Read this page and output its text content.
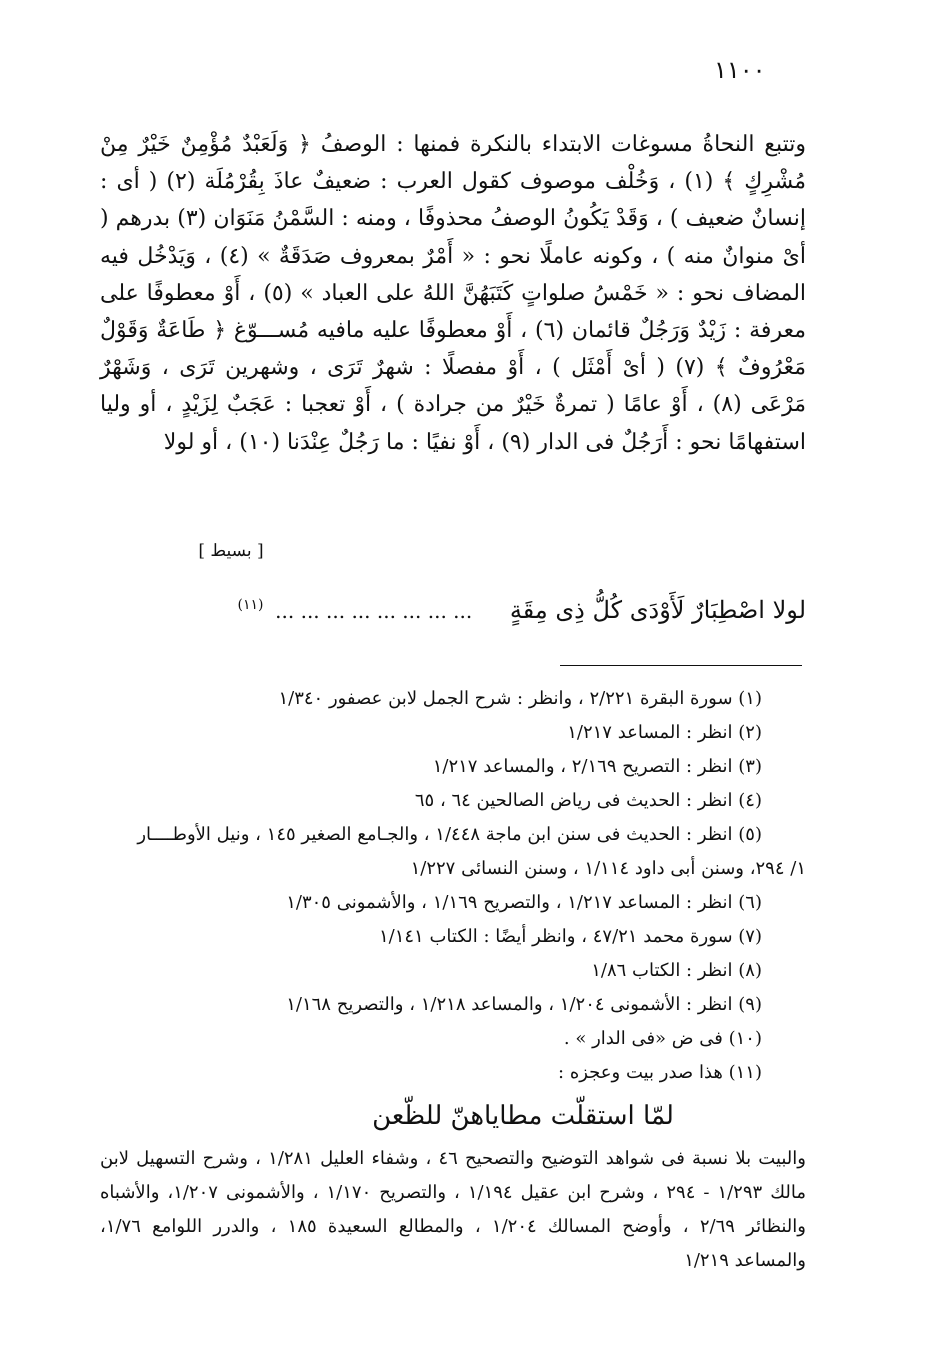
١١٠٠

وتتبع النحاةُ مسوغات الابتداء بالنكرة فمنها : الوصفُ ﴿ وَلَعَبْدٌ مُؤْمِنٌ خَيْرٌ مِنْ مُشْرِكٍ ﴾ (١) ، وَخُلْف موصوف كقول العرب : ضعيفٌ عاذَ بِقُرْمُلَة (٢) ( أى : إنسانٌ ضعيف ) ، وَقَدْ يَكُونُ الوصفُ محذوفًا ، ومنه : السَّمْنُ مَنَوَان (٣) بدرهم ( أىْ منوانٌ منه ) ، وكونه عاملًا نحو : « أَمْرٌ بمعروف صَدَقَةٌ » (٤) ، وَيَدْخُل فيه المضاف نحو : « خَمْسُ صلواتٍ كَتَبَهُنَّ اللهُ على العباد » (٥) ، أَوْ معطوفًا على معرفة : زَيْدٌ وَرَجُلٌ قائمان (٦) ، أَوْ معطوفًا عليه مافيه مُســـوّغ ﴿ طَاعَةٌ وَقَوْلٌ مَعْرُوفٌ ﴾ (٧) ( أىْ أَمْثَل ) ، أَوْ مفصلًا : شهرٌ تَرَى ، وشهرين تَرَى ، وَشَهْرٌ مَرْعَى (٨) ، أَوْ عامًا ( تمرةٌ خَيْرٌ من جرادة ) ، أَوْ تعجبا : عَجَبٌ لِزَيْدٍ ، أو وليا استفهامًا نحو : أَرَجُلٌ فى الدار (٩) ، أَوْ نفيًا : ما رَجُلٌ عِنْدَنا (١٠) ، أو لولا

[ بسيط ]
لولا اصْطِبَارٌ لَأَوْدَى كُلُّ ذِى مِقَةٍ ... ... ... ... ... ... ... ... $^{(١١)}$

(١) سورة البقرة ٢/٢٢١ ، وانظر : شرح الجمل لابن عصفور ١/٣٤٠

(٢) انظر : المساعد ١/٢١٧

(٣) انظر : التصريح ٢/١٦٩ ، والمساعد ١/٢١٧

(٤) انظر : الحديث فى رياض الصالحين ٦٤ ، ٦٥

(٥) انظر : الحديث فى سنن ابن ماجة ١/٤٤٨ ، والجـامع الصغير ١٤٥ ، ونيل الأوطــــار

١/ ٢٩٤، وسنن أبى داود ١/١١٤ ، وسنن النسائى ١/٢٢٧

(٦) انظر : المساعد ١/٢١٧ ، والتصريح ١/١٦٩ ، والأشمونى ١/٣٠٥

(٧) سورة محمد ٤٧/٢١ ، وانظر أيضًا : الكتاب ١/١٤١

(٨) انظر : الكتاب ١/٨٦

(٩) انظر : الأشمونى ١/٢٠٤ ، والمساعد ١/٢١٨ ، والتصريح ١/١٦٨

(١٠) فى ض «فى الدار » .

(١١) هذا صدر بيت وعجزه :

لمّا استقلّت مطاياهنّ للظّعن

والبيت بلا نسبة فى شواهد التوضيح والتصحيح ٤٦ ، وشفاء العليل ١/٢٨١ ، وشرح التسهيل لابن مالك ١/٢٩٣ - ٢٩٤ ، وشرح ابن عقيل ١/١٩٤ ، والتصريح ١/١٧٠ ، والأشمونى ١/٢٠٧، والأشباه والنظائر ٢/٦٩ ، وأوضح المسالك ١/٢٠٤ ، والمطالع السعيدة ١٨٥ ، والدرر اللوامع ١/٧٦، والمساعد ١/٢١٩
